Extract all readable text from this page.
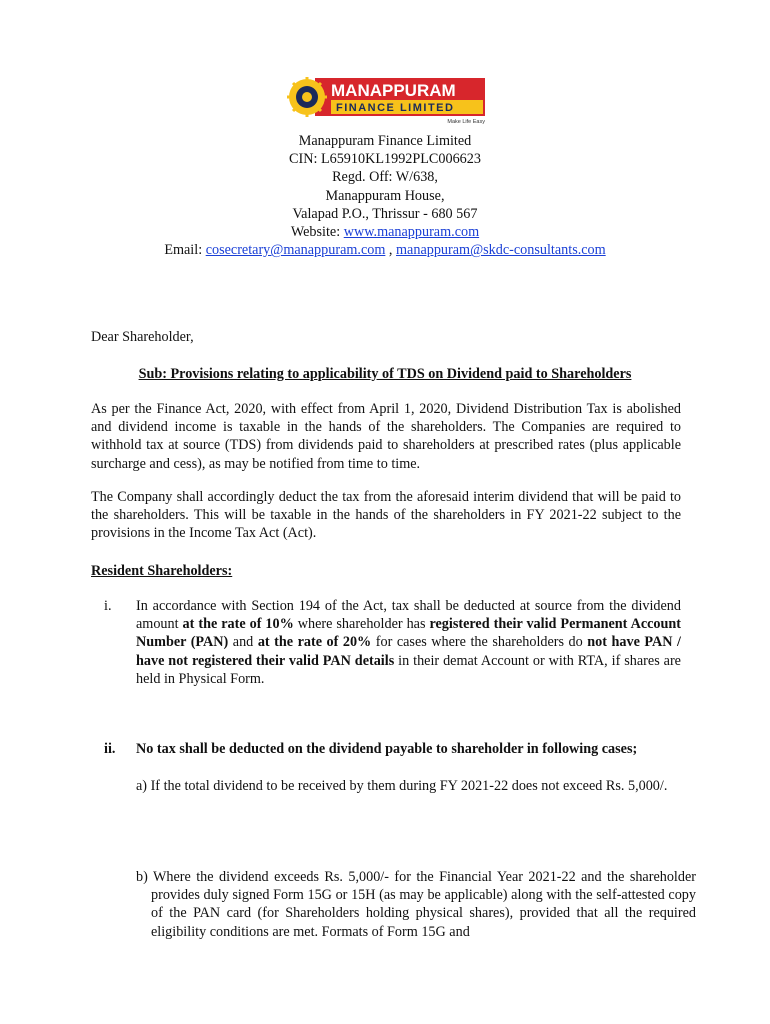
MANAPPURAM
FINANCE LIMITED
Make Life Easy
Manappuram Finance Limited
CIN: L65910KL1992PLC006623
Regd. Off: W/638,
Manappuram House,
Valapad P.O., Thrissur - 680 567
Website: www.manappuram.com
Email: cosecretary@manappuram.com , manappuram@skdc-consultants.com
Dear Shareholder,
Sub: Provisions relating to applicability of TDS on Dividend paid to Shareholders
As per the Finance Act, 2020, with effect from April 1, 2020, Dividend Distribution Tax is abolished and dividend income is taxable in the hands of the shareholders. The Companies are required to withhold tax at source (TDS) from dividends paid to shareholders at prescribed rates (plus applicable surcharge and cess), as may be notified from time to time.
The Company shall accordingly deduct the tax from the aforesaid interim dividend that will be paid to the shareholders. This will be taxable in the hands of the shareholders in FY 2021-22 subject to the provisions in the Income Tax Act (Act).
Resident Shareholders:
i. In accordance with Section 194 of the Act, tax shall be deducted at source from the dividend amount at the rate of 10% where shareholder has registered their valid Permanent Account Number (PAN) and at the rate of 20% for cases where the shareholders do not have PAN / have not registered their valid PAN details in their demat Account or with RTA, if shares are held in Physical Form.
ii. No tax shall be deducted on the dividend payable to shareholder in following cases;
a) If the total dividend to be received by them during FY 2021-22 does not exceed Rs. 5,000/.
b) Where the dividend exceeds Rs. 5,000/- for the Financial Year 2021-22 and the shareholder provides duly signed Form 15G or 15H (as may be applicable) along with the self-attested copy of the PAN card (for Shareholders holding physical shares), provided that all the required eligibility conditions are met. Formats of Form 15G and
